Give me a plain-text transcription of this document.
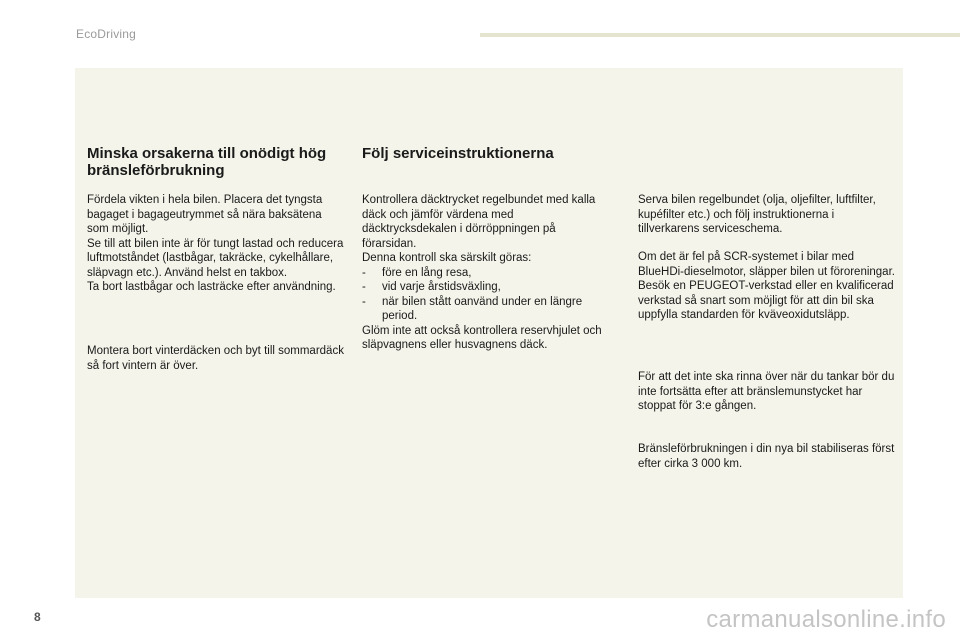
EcoDriving
Minska orsakerna till onödigt hög bränsleförbrukning

Fördela vikten i hela bilen. Placera det tyngsta bagaget i bagageutrymmet så nära baksätena som möjligt.

Se till att bilen inte är för tungt lastad och reducera luftmotståndet (lastbågar, takräcke, cykelhållare, släpvagn etc.). Använd helst en takbox.

Ta bort lastbågar och lasträcke efter användning.

Montera bort vinterdäcken och byt till sommardäck så fort vintern är över.

Följ serviceinstruktionerna

Kontrollera däcktrycket regelbundet med kalla däck och jämför värdena med däcktrycksdekalen i dörröppningen på förarsidan.

Denna kontroll ska särskilt göras:

- före en lång resa,
- vid varje årstidsväxling,
- när bilen stått oanvänd under en längre period.

Glöm inte att också kontrollera reservhjulet och släpvagnens eller husvagnens däck.

Serva bilen regelbundet (olja, oljefilter, luftfilter, kupéfilter etc.) och följ instruktionerna i tillverkarens serviceschema.

Om det är fel på SCR-systemet i bilar med BlueHDi-dieselmotor, släpper bilen ut föroreningar. Besök en PEUGEOT-verkstad eller en kvalificerad verkstad så snart som möjligt för att din bil ska uppfylla standarden för kväveoxidutsläpp.

För att det inte ska rinna över när du tankar bör du inte fortsätta efter att bränslemunstycket har stoppat för 3:e gången.

Bränsleförbrukningen i din nya bil stabiliseras först efter cirka 3 000 km.

8	carmanualsonline.info
